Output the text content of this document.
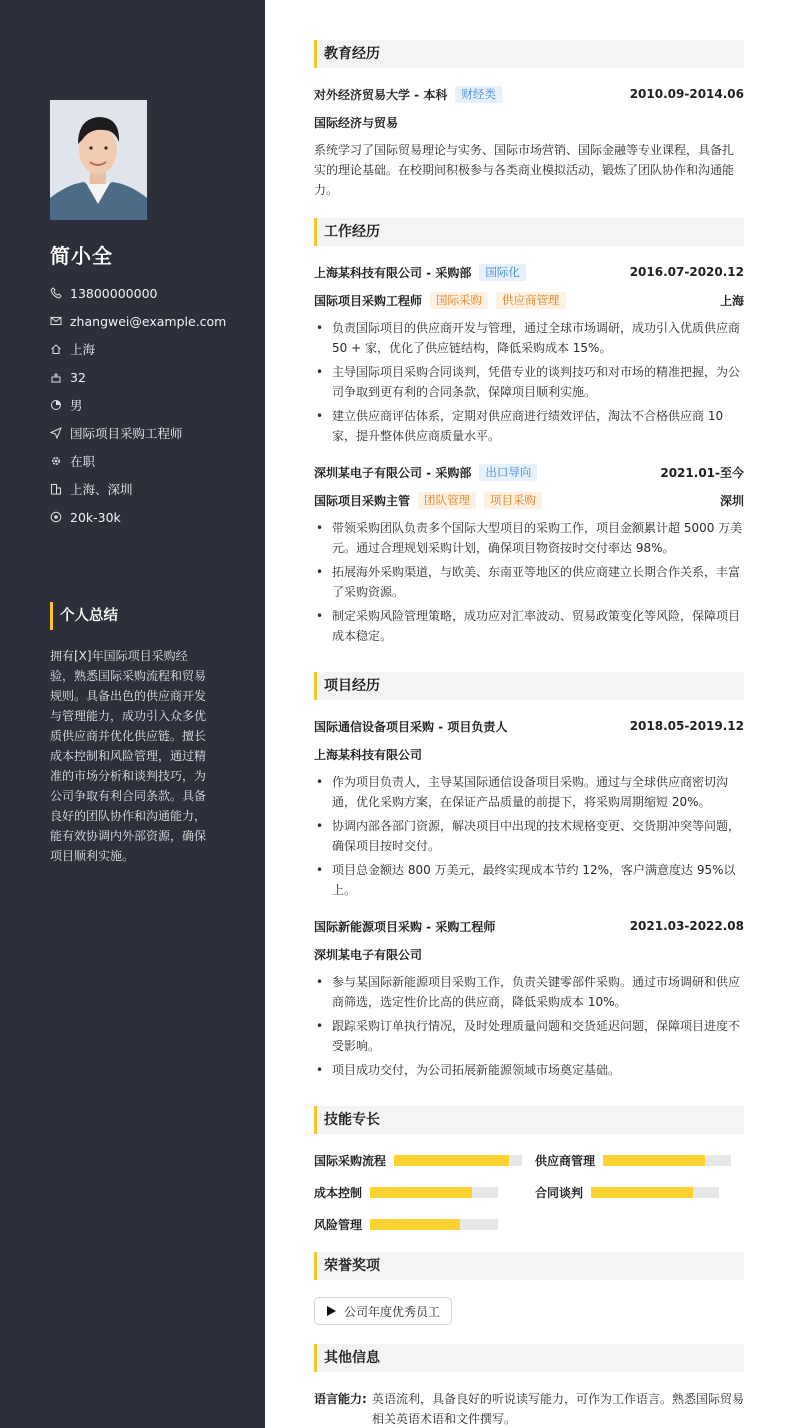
简小全
13800000000
zhangwei@example.com
上海
32
男
国际项目采购工程师
在职
上海、深圳
20k-30k
个人总结
拥有[X]年国际项目采购经验，熟悉国际采购流程和贸易规则。具备出色的供应商开发与管理能力，成功引入众多优质供应商并优化供应链。擅长成本控制和风险管理，通过精准的市场分析和谈判技巧，为公司争取有利合同条款。具备良好的团队协作和沟通能力，能有效协调内外部资源，确保项目顺利实施。
教育经历
对外经济贸易大学 - 本科	财经类	2010.09-2014.06
国际经济与贸易
系统学习了国际贸易理论与实务、国际市场营销、国际金融等专业课程，具备扎实的理论基础。在校期间积极参与各类商业模拟活动，锻炼了团队协作和沟通能力。
工作经历
上海某科技有限公司 - 采购部	国际化	2016.07-2020.12
国际项目采购工程师	国际采购	供应商管理	上海
• 负责国际项目的供应商开发与管理，通过全球市场调研，成功引入优质供应商 50 + 家，优化了供应链结构，降低采购成本 15%。
• 主导国际项目采购合同谈判，凭借专业的谈判技巧和对市场的精准把握，为公司争取到更有利的合同条款，保障项目顺利实施。
• 建立供应商评估体系，定期对供应商进行绩效评估，淘汰不合格供应商 10 家，提升整体供应商质量水平。
深圳某电子有限公司 - 采购部	出口导向	2021.01-至今
国际项目采购主管	团队管理	项目采购	深圳
• 带领采购团队负责多个国际大型项目的采购工作，项目金额累计超 5000 万美元。通过合理规划采购计划，确保项目物资按时交付率达 98%。
• 拓展海外采购渠道，与欧美、东南亚等地区的供应商建立长期合作关系，丰富了采购资源。
• 制定采购风险管理策略，成功应对汇率波动、贸易政策变化等风险，保障项目成本稳定。
项目经历
国际通信设备项目采购 - 项目负责人	2018.05-2019.12
上海某科技有限公司
• 作为项目负责人，主导某国际通信设备项目采购。通过与全球供应商密切沟通，优化采购方案，在保证产品质量的前提下，将采购周期缩短 20%。
• 协调内部各部门资源，解决项目中出现的技术规格变更、交货期冲突等问题，确保项目按时交付。
• 项目总金额达 800 万美元，最终实现成本节约 12%，客户满意度达 95%以上。
国际新能源项目采购 - 采购工程师	2021.03-2022.08
深圳某电子有限公司
• 参与某国际新能源项目采购工作，负责关键零部件采购。通过市场调研和供应商筛选，选定性价比高的供应商，降低采购成本 10%。
• 跟踪采购订单执行情况，及时处理质量问题和交货延迟问题，保障项目进度不受影响。
• 项目成功交付，为公司拓展新能源领域市场奠定基础。
技能专长
国际采购流程	供应商管理
成本控制	合同谈判
风险管理
荣誉奖项
公司年度优秀员工
其他信息
语言能力: 英语流利，具备良好的听说读写能力，可作为工作语言。熟悉国际贸易相关英语术语和文件撰写。
